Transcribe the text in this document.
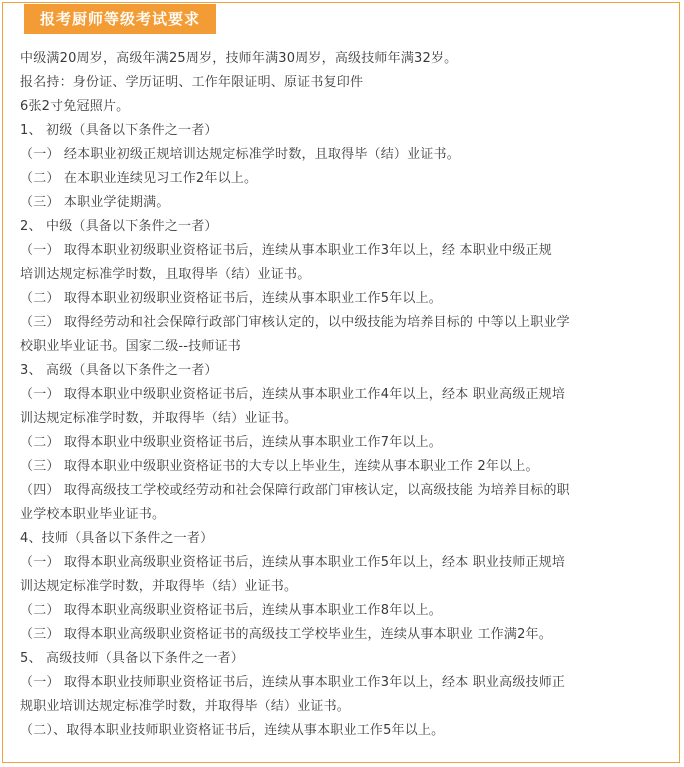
报考厨师等级考试要求
中级满20周岁，高级年满25周岁，技师年满30周岁，高级技师年满32岁。
报名持：身份证、学历证明、工作年限证明、原证书复印件
6张2寸免冠照片。
1、 初级（具备以下条件之一者）
（一） 经本职业初级正规培训达规定标准学时数，且取得毕（结）业证书。
（二） 在本职业连续见习工作2年以上。
（三） 本职业学徒期满。
2、 中级（具备以下条件之一者）
（一） 取得本职业初级职业资格证书后，连续从事本职业工作3年以上，经 本职业中级正规
培训达规定标准学时数，且取得毕（结）业证书。
（二） 取得本职业初级职业资格证书后，连续从事本职业工作5年以上。
（三） 取得经劳动和社会保障行政部门审核认定的，以中级技能为培养目标的 中等以上职业学
校职业毕业证书。国家二级--技师证书
3、 高级（具备以下条件之一者）
（一） 取得本职业中级职业资格证书后，连续从事本职业工作4年以上，经本 职业高级正规培
训达规定标准学时数，并取得毕（结）业证书。
（二） 取得本职业中级职业资格证书后，连续从事本职业工作7年以上。
（三） 取得本职业中级职业资格证书的大专以上毕业生，连续从事本职业工作 2年以上。
（四） 取得高级技工学校或经劳动和社会保障行政部门审核认定，以高级技能 为培养目标的职
业学校本职业毕业证书。
4、技师（具备以下条件之一者）
（一） 取得本职业高级职业资格证书后，连续从事本职业工作5年以上，经本 职业技师正规培
训达规定标准学时数，并取得毕（结）业证书。
（二） 取得本职业高级职业资格证书后，连续从事本职业工作8年以上。
（三） 取得本职业高级职业资格证书的高级技工学校毕业生，连续从事本职业 工作满2年。
5、 高级技师（具备以下条件之一者）
（一） 取得本职业技师职业资格证书后，连续从事本职业工作3年以上，经本 职业高级技师正
规职业培训达规定标准学时数，并取得毕（结）业证书。
（二）、取得本职业技师职业资格证书后，连续从事本职业工作5年以上。
